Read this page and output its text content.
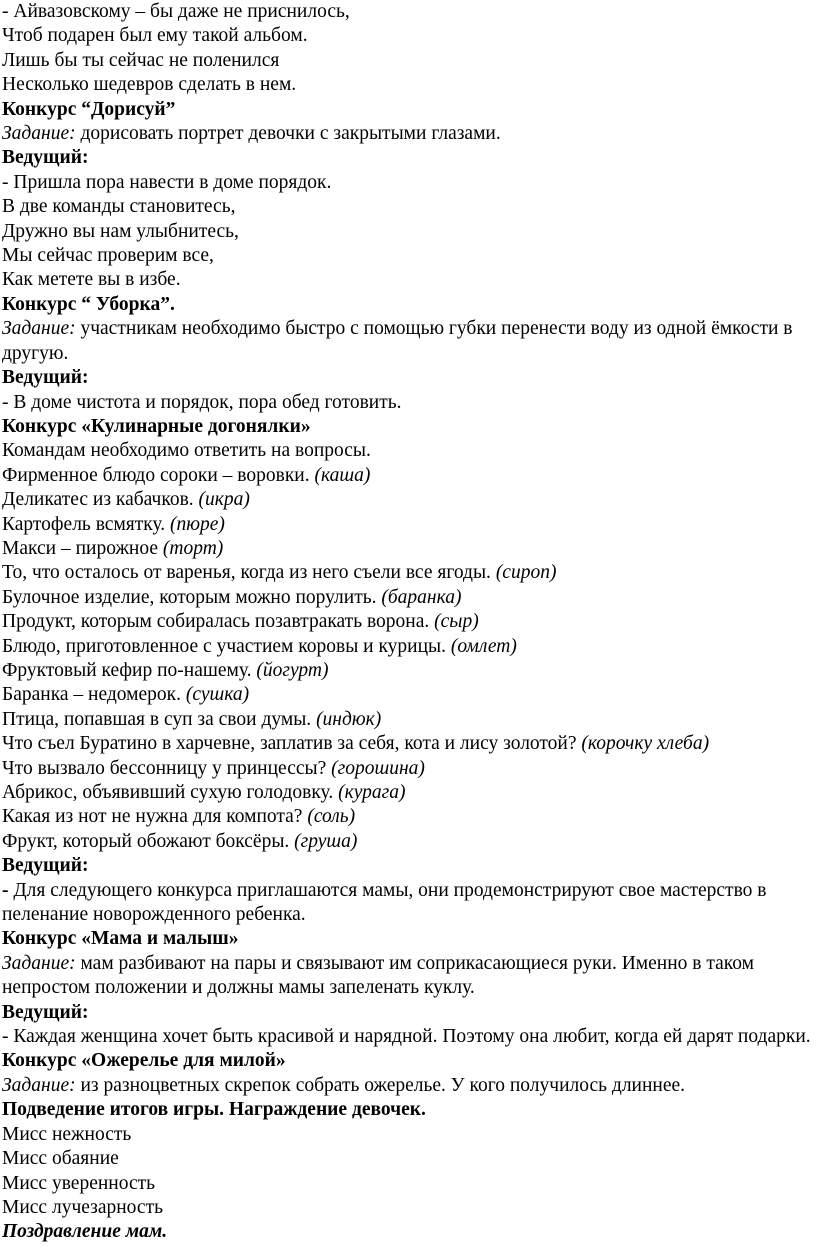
- Айвазовскому – бы даже не приснилось,
Чтоб подарен был ему такой альбом.
Лишь бы ты сейчас не поленился
Несколько шедевров сделать в нем.
Конкурс “Дорисуй”
Задание: дорисовать портрет девочки с закрытыми глазами.
Ведущий:
- Пришла пора навести в доме порядок.
В две команды становитесь,
Дружно вы нам улыбнитесь,
Мы сейчас проверим все,
Как метете вы в избе.
Конкурс “ Уборка”.
Задание: участникам необходимо быстро с помощью губки перенести воду из одной ёмкости в другую.
Ведущий:
- В доме чистота и порядок, пора обед готовить.
Конкурс «Кулинарные догонялки»
Командам необходимо ответить на вопросы.
Фирменное блюдо сороки – воровки. (каша)
Деликатес из кабачков. (икра)
Картофель всмятку. (пюре)
Макси – пирожное (торт)
То, что осталось от варенья, когда из него съели все ягоды. (сироп)
Булочное изделие, которым можно порулить. (баранка)
Продукт, которым собиралась позавтракать ворона. (сыр)
Блюдо, приготовленное с участием коровы и курицы. (омлет)
Фруктовый кефир по-нашему. (йогурт)
Баранка – недомерок. (сушка)
Птица, попавшая в суп за свои думы. (индюк)
Что съел Буратино в харчевне, заплатив за себя, кота и лису золотой? (корочку хлеба)
Что вызвало бессонницу у принцессы? (горошина)
Абрикос, объявивший сухую голодовку. (курага)
Какая из нот не нужна для компота? (соль)
Фрукт, который обожают боксёры. (груша)
Ведущий:
- Для следующего конкурса приглашаются мамы, они продемонстрируют свое мастерство в пеленание новорожденного ребенка.
Конкурс «Мама и малыш»
Задание: мам разбивают на пары и связывают им соприкасающиеся руки. Именно в таком непростом положении и должны мамы запеленать куклу.
Ведущий:
- Каждая женщина хочет быть красивой и нарядной. Поэтому она любит, когда ей дарят подарки.
Конкурс «Ожерелье для милой»
Задание: из разноцветных скрепок собрать ожерелье. У кого получилось длиннее.
Подведение итогов игры. Награждение девочек.
Мисс нежность
Мисс обаяние
Мисс уверенность
Мисс лучезарность
Поздравление мам.
